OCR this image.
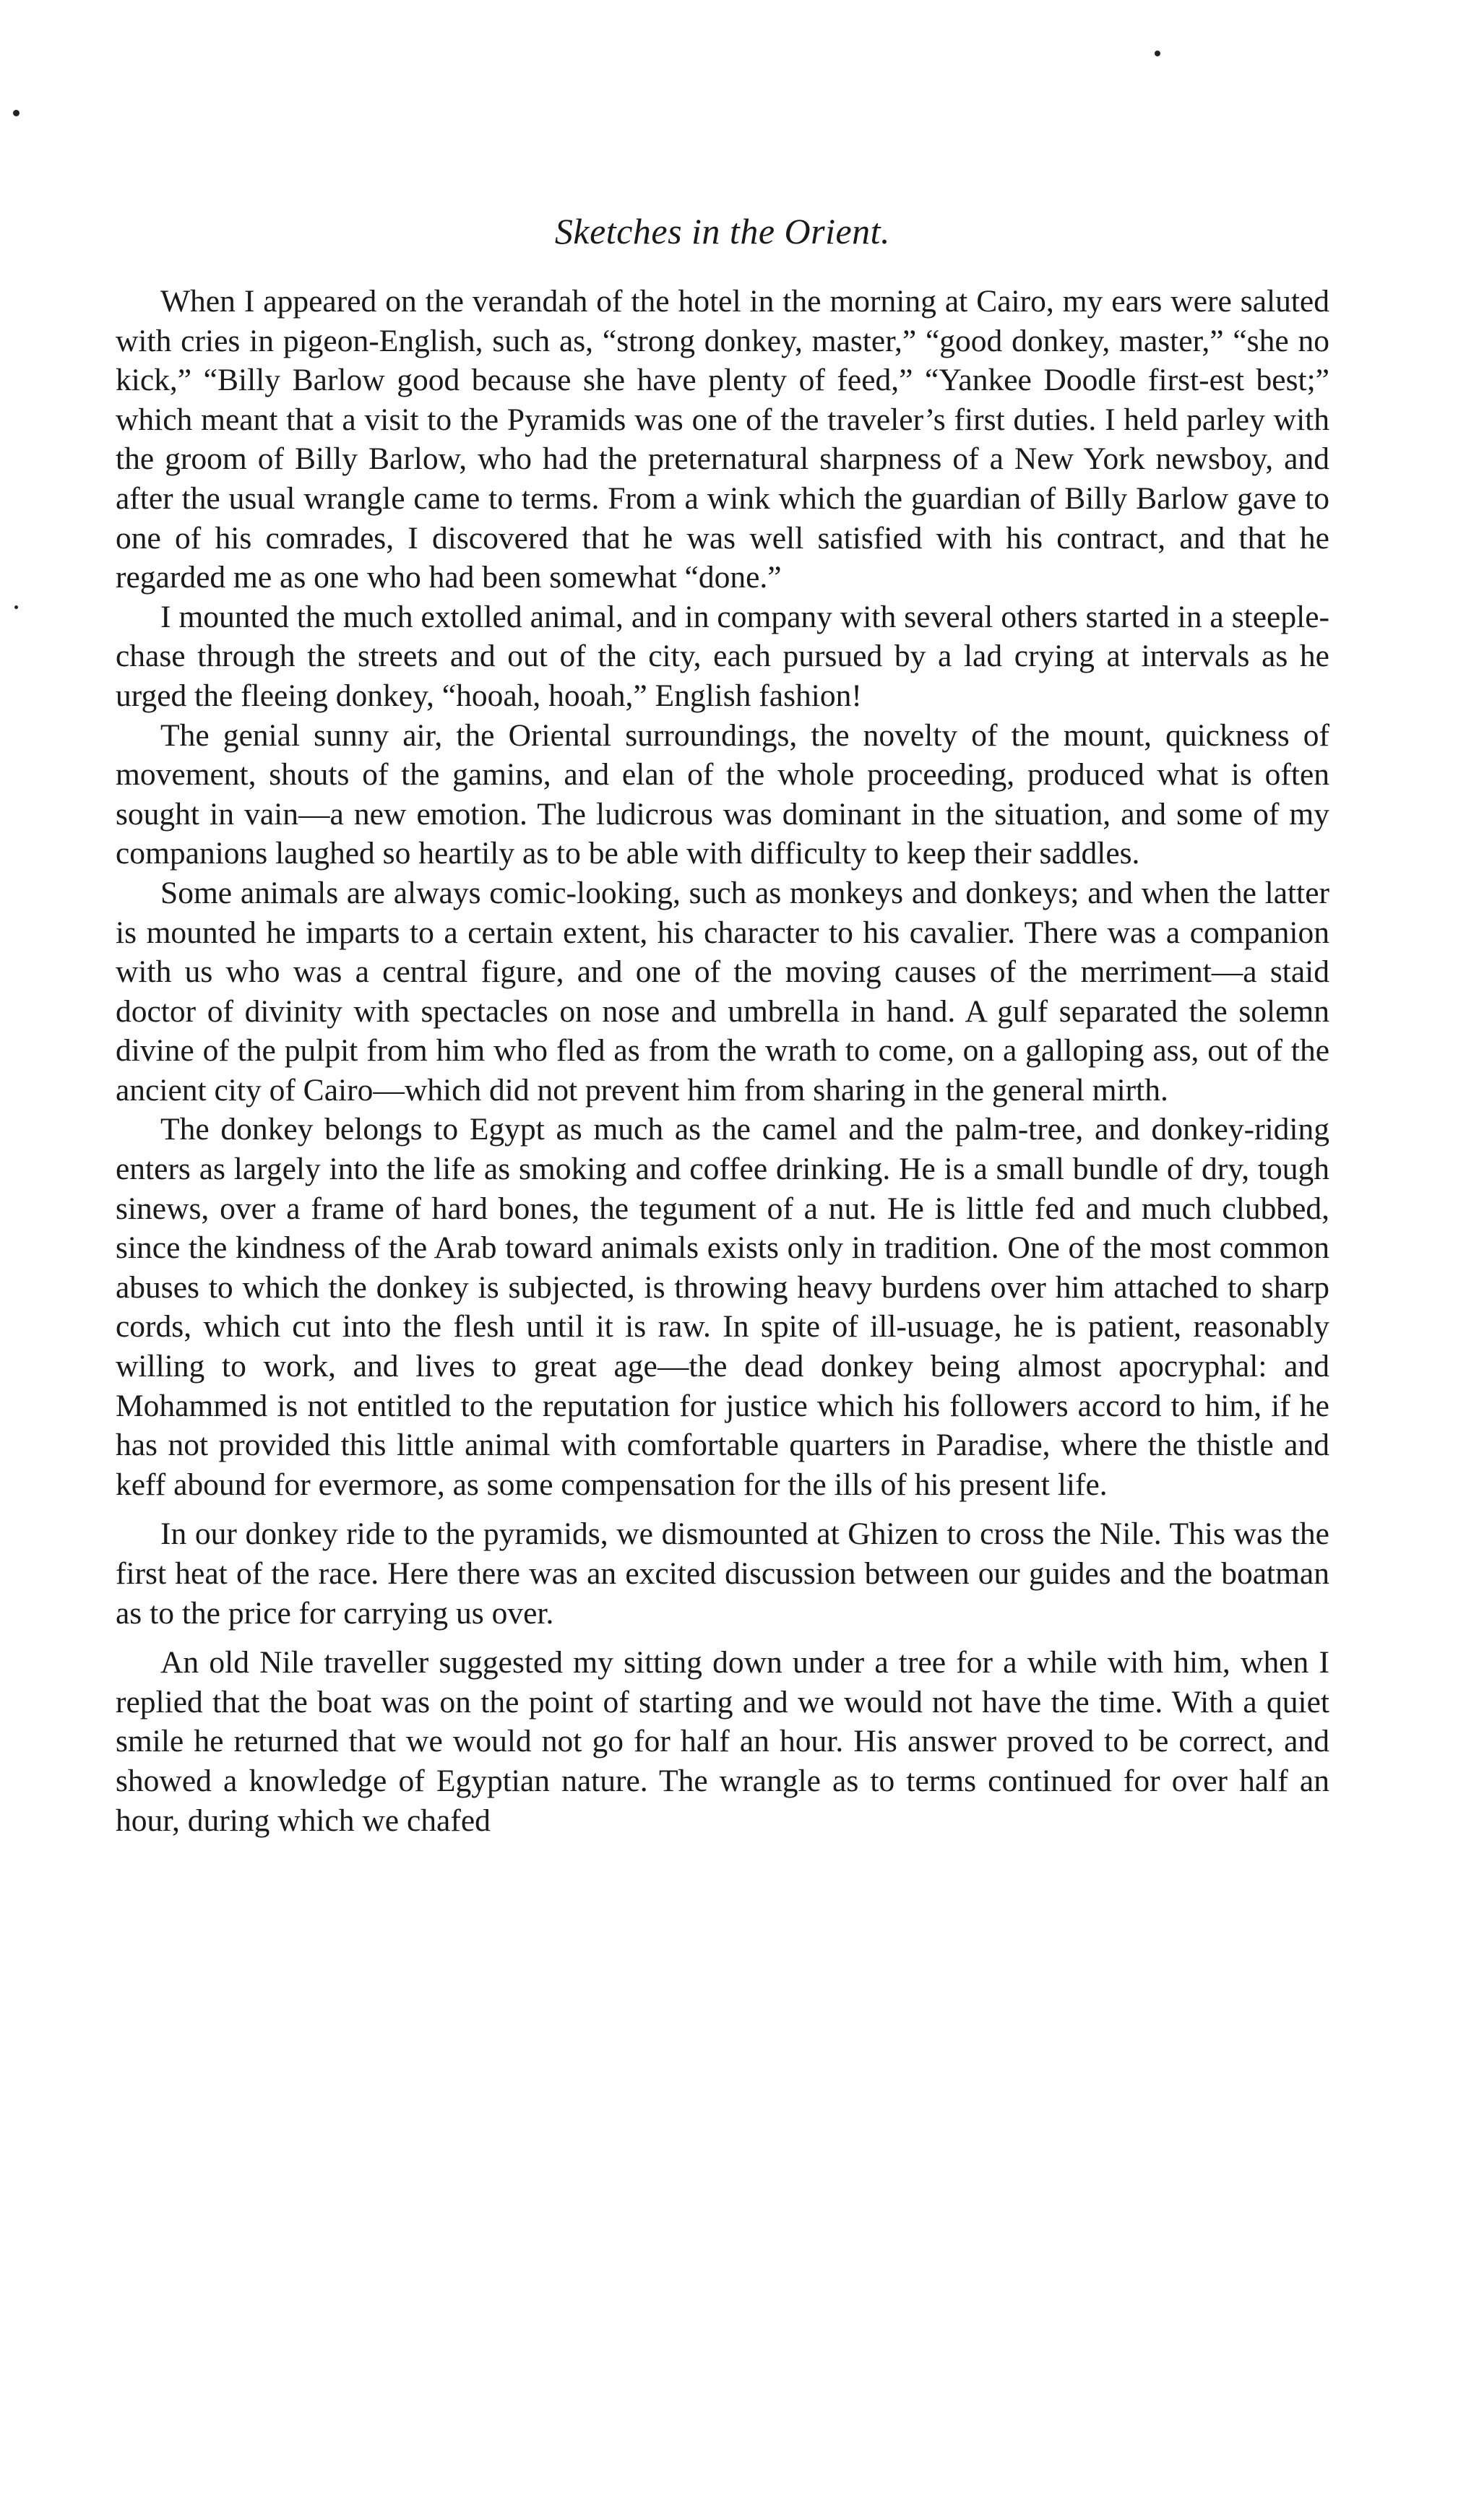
Sketches in the Orient.

When I appeared on the verandah of the hotel in the morning at Cairo, my ears were saluted with cries in pigeon-English, such as, “strong donkey, master,” “good donkey, master,” “she no kick,” “Billy Barlow good because she have plenty of feed,” “Yankee Doodle first-est best;” which meant that a visit to the Pyramids was one of the traveler’s first duties. I held parley with the groom of Billy Barlow, who had the preternatural sharpness of a New York newsboy, and after the usual wrangle came to terms. From a wink which the guardian of Billy Barlow gave to one of his comrades, I discovered that he was well satisfied with his contract, and that he regarded me as one who had been somewhat “done.”

I mounted the much extolled animal, and in company with several others started in a steeple-chase through the streets and out of the city, each pursued by a lad crying at intervals as he urged the fleeing donkey, “hooah, hooah,” English fashion!

The genial sunny air, the Oriental surroundings, the novelty of the mount, quickness of movement, shouts of the gamins, and elan of the whole proceeding, produced what is often sought in vain—a new emotion. The ludicrous was dominant in the situation, and some of my companions laughed so heartily as to be able with difficulty to keep their saddles.

Some animals are always comic-looking, such as monkeys and donkeys; and when the latter is mounted he imparts to a certain extent, his character to his cavalier. There was a companion with us who was a central figure, and one of the moving causes of the merriment—a staid doctor of divinity with spectacles on nose and umbrella in hand. A gulf separated the solemn divine of the pulpit from him who fled as from the wrath to come, on a galloping ass, out of the ancient city of Cairo—which did not prevent him from sharing in the general mirth.

The donkey belongs to Egypt as much as the camel and the palm-tree, and donkey-riding enters as largely into the life as smoking and coffee drinking. He is a small bundle of dry, tough sinews, over a frame of hard bones, the tegument of a nut. He is little fed and much clubbed, since the kindness of the Arab toward animals exists only in tradition. One of the most common abuses to which the donkey is subjected, is throwing heavy burdens over him attached to sharp cords, which cut into the flesh until it is raw. In spite of ill-usuage, he is patient, reasonably willing to work, and lives to great age—the dead donkey being almost apocryphal: and Mohammed is not entitled to the reputation for justice which his followers accord to him, if he has not provided this little animal with comfortable quarters in Paradise, where the thistle and keff abound for evermore, as some compensation for the ills of his present life.

In our donkey ride to the pyramids, we dismounted at Ghizen to cross the Nile. This was the first heat of the race. Here there was an excited discussion between our guides and the boatman as to the price for carrying us over.

An old Nile traveller suggested my sitting down under a tree for a while with him, when I replied that the boat was on the point of starting and we would not have the time. With a quiet smile he returned that we would not go for half an hour. His answer proved to be correct, and showed a knowledge of Egyptian nature. The wrangle as to terms continued for over half an hour, during which we chafed
